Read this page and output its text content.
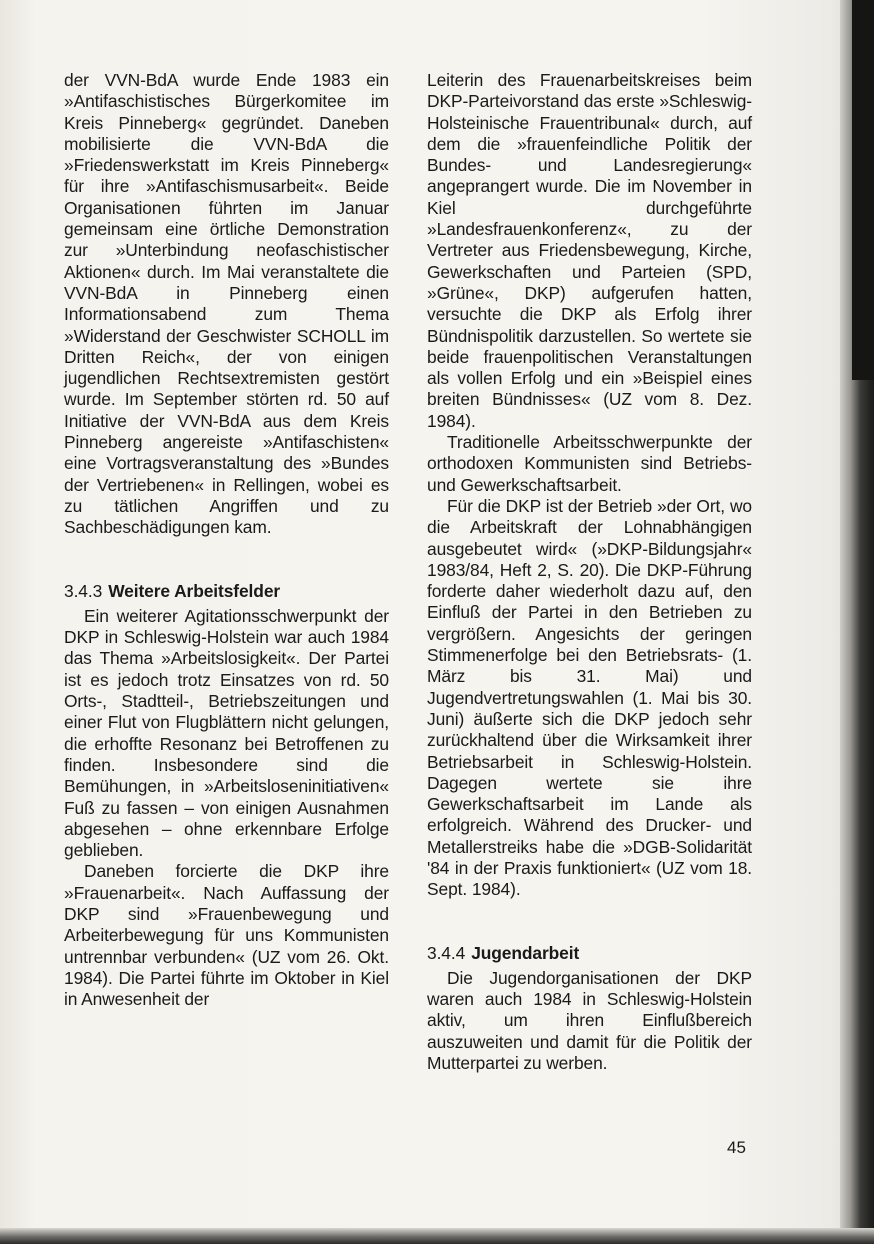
der VVN-BdA wurde Ende 1983 ein »Antifaschistisches Bürgerkomitee im Kreis Pinneberg« gegründet. Daneben mobilisierte die VVN-BdA die »Friedenswerkstatt im Kreis Pinneberg« für ihre »Antifaschismusarbeit«. Beide Organisationen führten im Januar gemeinsam eine örtliche Demonstration zur »Unterbindung neofaschistischer Aktionen« durch. Im Mai veranstaltete die VVN-BdA in Pinneberg einen Informationsabend zum Thema »Widerstand der Geschwister SCHOLL im Dritten Reich«, der von einigen jugendlichen Rechtsextremisten gestört wurde. Im September störten rd. 50 auf Initiative der VVN-BdA aus dem Kreis Pinneberg angereiste »Antifaschisten« eine Vortragsveranstaltung des »Bundes der Vertriebenen« in Rellingen, wobei es zu tätlichen Angriffen und zu Sachbeschädigungen kam.

3.4.3 Weitere Arbeitsfelder

Ein weiterer Agitationsschwerpunkt der DKP in Schleswig-Holstein war auch 1984 das Thema »Arbeitslosigkeit«. Der Partei ist es jedoch trotz Einsatzes von rd. 50 Orts-, Stadtteil-, Betriebszeitungen und einer Flut von Flugblättern nicht gelungen, die erhoffte Resonanz bei Betroffenen zu finden. Insbesondere sind die Bemühungen, in »Arbeitsloseninitiativen« Fuß zu fassen – von einigen Ausnahmen abgesehen – ohne erkennbare Erfolge geblieben.

Daneben forcierte die DKP ihre »Frauenarbeit«. Nach Auffassung der DKP sind »Frauenbewegung und Arbeiterbewegung für uns Kommunisten untrennbar verbunden« (UZ vom 26. Okt. 1984). Die Partei führte im Oktober in Kiel in Anwesenheit der

Leiterin des Frauenarbeitskreises beim DKP-Parteivorstand das erste »Schleswig-Holsteinische Frauentribunal« durch, auf dem die »frauenfeindliche Politik der Bundes- und Landesregierung« angeprangert wurde. Die im November in Kiel durchgeführte »Landesfrauenkonferenz«, zu der Vertreter aus Friedensbewegung, Kirche, Gewerkschaften und Parteien (SPD, »Grüne«, DKP) aufgerufen hatten, versuchte die DKP als Erfolg ihrer Bündnispolitik darzustellen. So wertete sie beide frauenpolitischen Veranstaltungen als vollen Erfolg und ein »Beispiel eines breiten Bündnisses« (UZ vom 8. Dez. 1984).

Traditionelle Arbeitsschwerpunkte der orthodoxen Kommunisten sind Betriebs- und Gewerkschaftsarbeit.

Für die DKP ist der Betrieb »der Ort, wo die Arbeitskraft der Lohnabhängigen ausgebeutet wird« (»DKP-Bildungsjahr« 1983/84, Heft 2, S. 20). Die DKP-Führung forderte daher wiederholt dazu auf, den Einfluß der Partei in den Betrieben zu vergrößern. Angesichts der geringen Stimmenerfolge bei den Betriebsrats- (1. März bis 31. Mai) und Jugendvertretungswahlen (1. Mai bis 30. Juni) äußerte sich die DKP jedoch sehr zurückhaltend über die Wirksamkeit ihrer Betriebsarbeit in Schleswig-Holstein. Dagegen wertete sie ihre Gewerkschaftsarbeit im Lande als erfolgreich. Während des Drucker- und Metallerstreiks habe die »DGB-Solidarität '84 in der Praxis funktioniert« (UZ vom 18. Sept. 1984).

3.4.4 Jugendarbeit

Die Jugendorganisationen der DKP waren auch 1984 in Schleswig-Holstein aktiv, um ihren Einflußbereich auszuweiten und damit für die Politik der Mutterpartei zu werben.

45
